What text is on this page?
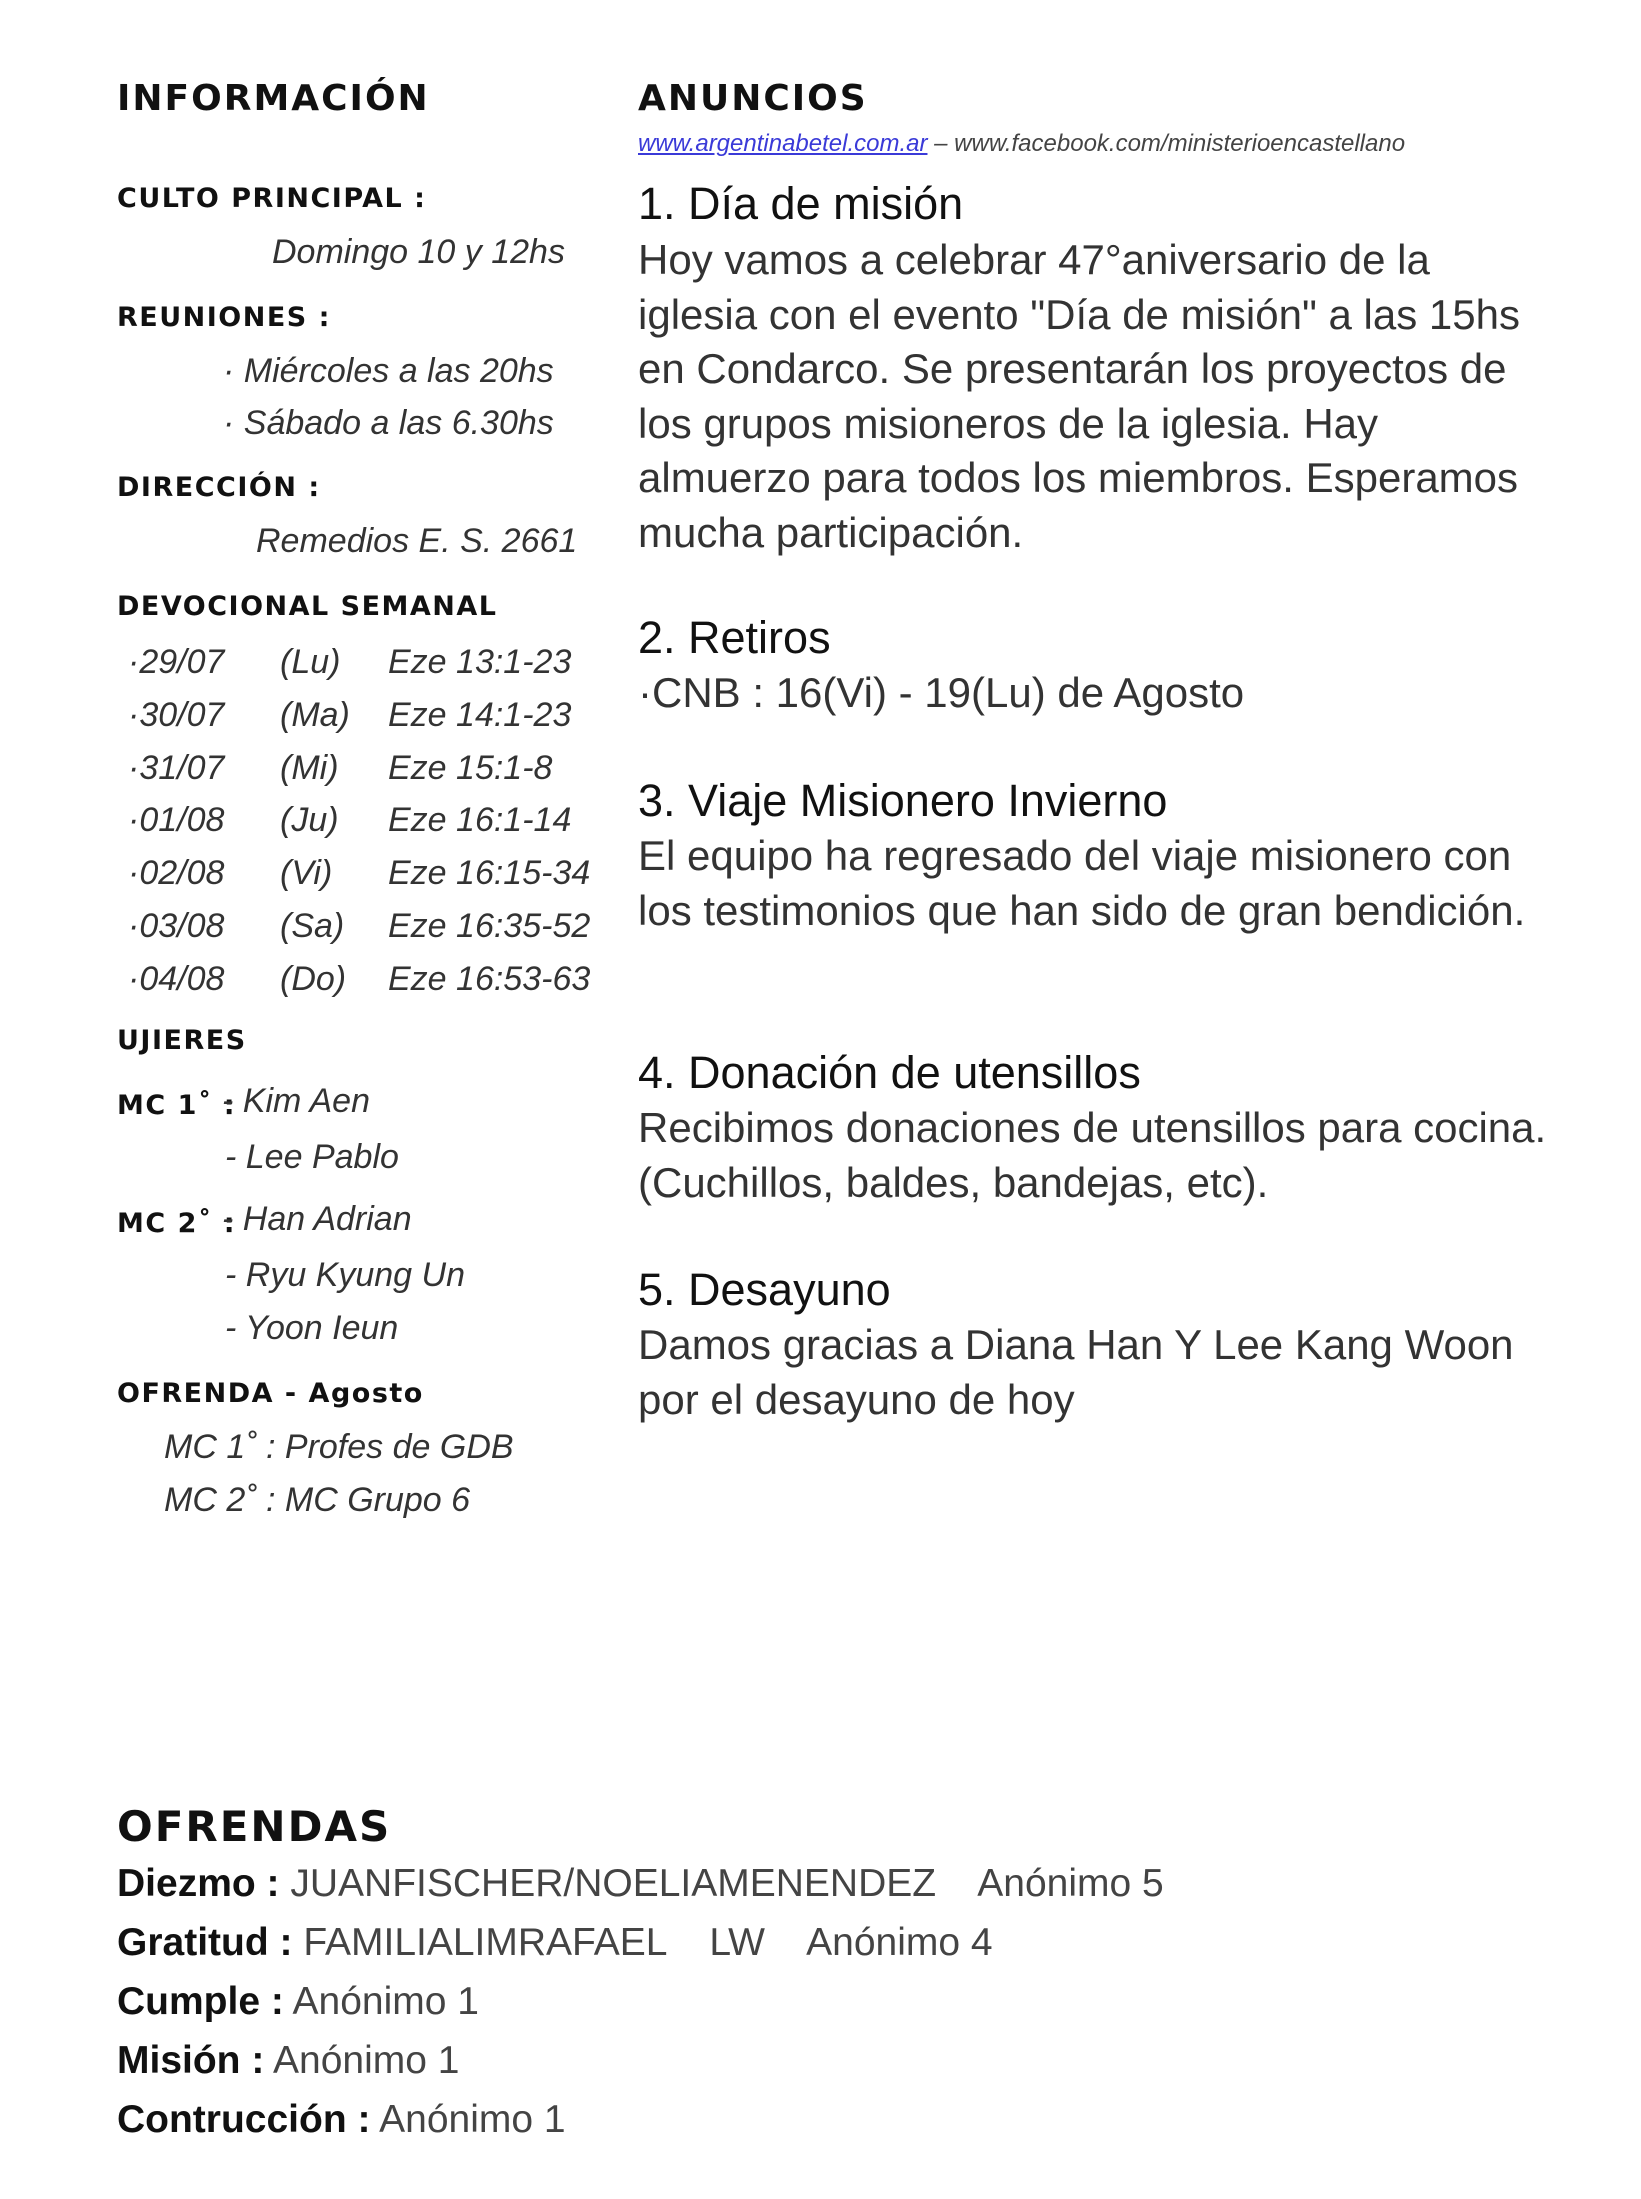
INFORMACIÓN
CULTO PRINCIPAL :
Domingo 10 y 12hs
REUNIONES :
· Miércoles a las 20hs
· Sábado a las 6.30hs
DIRECCIÓN :
Remedios E. S. 2661
DEVOCIONAL SEMANAL
·29/07 (Lu) Eze 13:1-23
·30/07 (Ma) Eze 14:1-23
·31/07 (Mi) Eze 15:1-8
·01/08 (Ju) Eze 16:1-14
·02/08 (Vi) Eze 16:15-34
·03/08 (Sa) Eze 16:35-52
·04/08 (Do) Eze 16:53-63
UJIERES
MC 1˚ :
- Kim Aen
- Lee Pablo
MC 2˚ :
- Han Adrian
- Ryu Kyung Un
- Yoon Ieun
OFRENDA - Agosto
MC 1˚ : Profes de GDB
MC 2˚ : MC Grupo 6
ANUNCIOS
www.argentinabetel.com.ar – www.facebook.com/ministerioencastellano
1. Día de misión
Hoy vamos a celebrar 47°aniversario de la iglesia con el evento "Día de misión" a las 15hs en Condarco. Se presentarán los proyectos de los grupos misioneros de la iglesia. Hay almuerzo para todos los miembros. Esperamos mucha participación.
2. Retiros
·CNB : 16(Vi) - 19(Lu) de Agosto
3. Viaje Misionero Invierno
El equipo ha regresado del viaje misionero con los testimonios que han sido de gran bendición.
4. Donación de utensillos
Recibimos donaciones de utensillos para cocina. (Cuchillos, baldes, bandejas, etc).
5. Desayuno
Damos gracias a Diana Han Y Lee Kang Woon por el desayuno de hoy
OFRENDAS
Diezmo : JUANFISCHER/NOELIAMENENDEZ    Anónimo 5
Gratitud : FAMILIALIMRAFAEL    LW    Anónimo 4
Cumple : Anónimo 1
Misión : Anónimo 1
Contrucción : Anónimo 1
